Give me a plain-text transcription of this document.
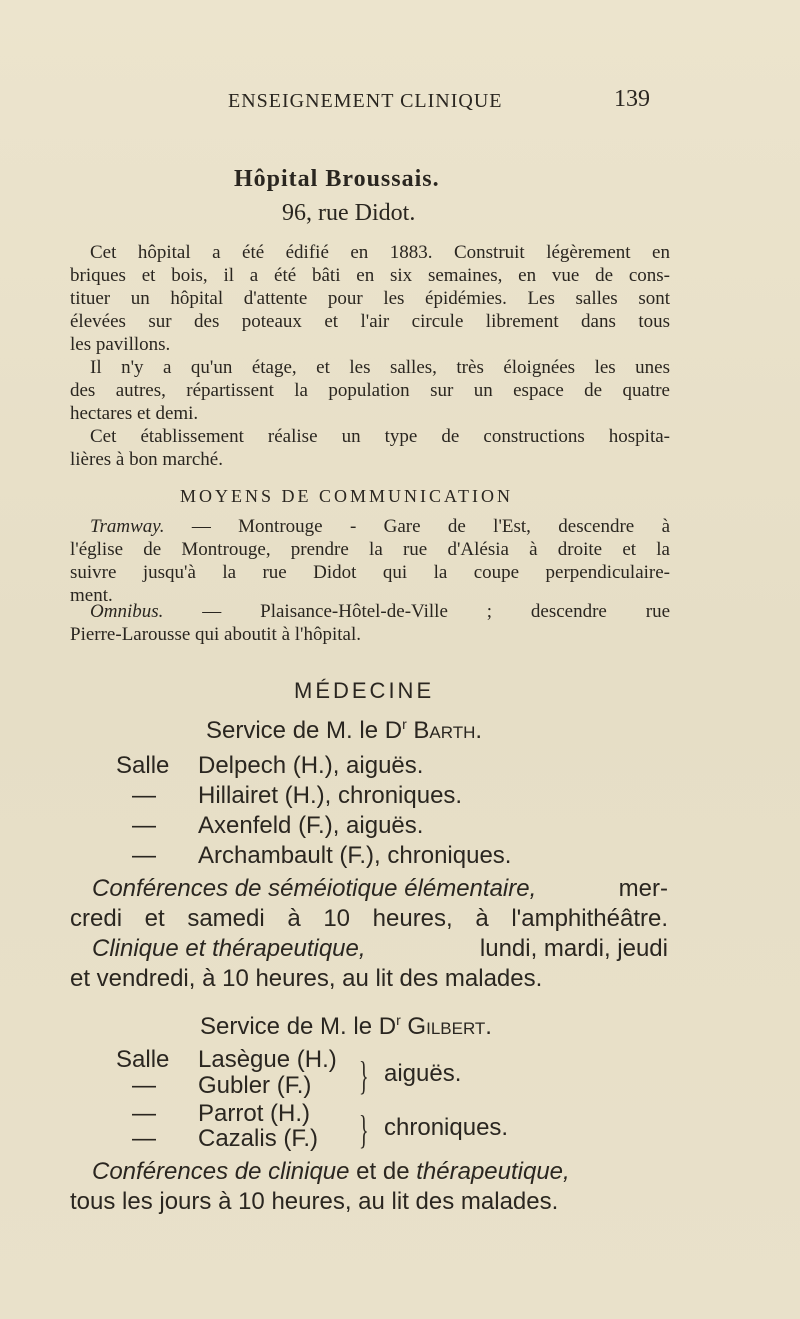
ENSEIGNEMENT CLINIQUE	139
Hôpital Broussais.
96, rue Didot.
Cet hôpital a été édifié en 1883. Construit légèrement en
briques et bois, il a été bâti en six semaines, en vue de cons-
tituer un hôpital d'attente pour les épidémies. Les salles sont
élevées sur des poteaux et l'air circule librement dans tous
les pavillons.
Il n'y a qu'un étage, et les salles, très éloignées les unes
des autres, répartissent la population sur un espace de quatre
hectares et demi.
Cet établissement réalise un type de constructions hospita-
lières à bon marché.
MOYENS DE COMMUNICATION
Tramway. — Montrouge - Gare de l'Est, descendre à
l'église de Montrouge, prendre la rue d'Alésia à droite et la
suivre jusqu'à la rue Didot qui la coupe perpendiculaire-
ment.
Omnibus. — Plaisance-Hôtel-de-Ville ; descendre rue
Pierre-Larousse qui aboutit à l'hôpital.
MÉDECINE
Service de M. le $D^r$ Barth.
Salle Delpech (H.), aiguës.
— Hillairet (H.), chroniques.
— Axenfeld (F.), aiguës.
— Archambault (F.), chroniques.
Conférences de séméiotique élémentaire,	mer-
credi et samedi à 10 heures, à l'amphithéâtre.
Clinique et thérapeutique,	lundi, mardi, jeudi
et vendredi, à 10 heures, au lit des malades.
Service de M. le $D^r$ Gilbert.
Salle Lasègue (H.)
— Gubler (F.) } aiguës.
— Parrot (H.)
— Cazalis (F.) } chroniques.
Conférences de clinique et de thérapeutique,
tous les jours à 10 heures, au lit des malades.
